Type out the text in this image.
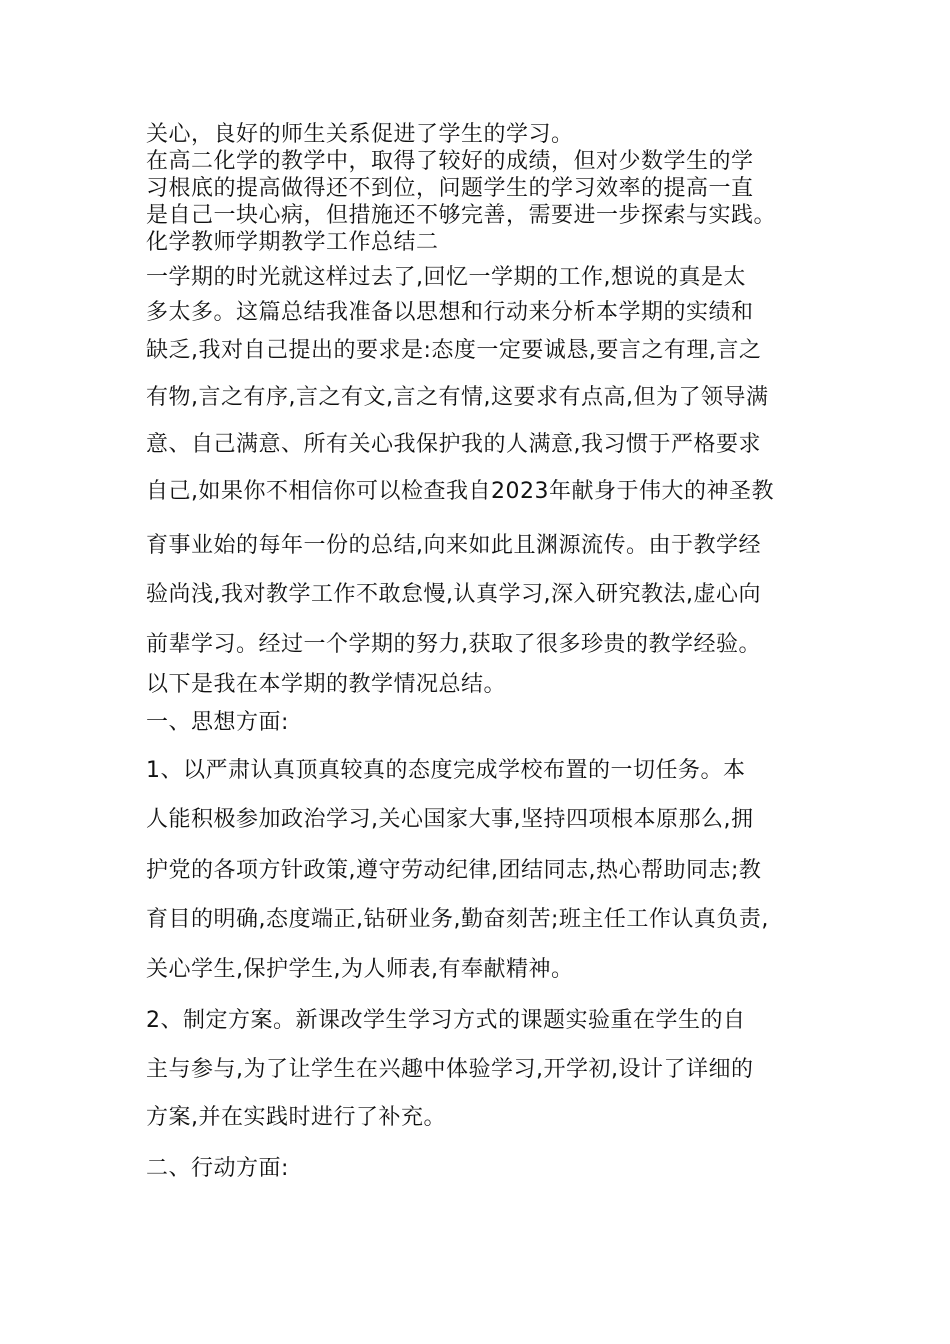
关心，良好的师生关系促进了学生的学习。
在高二化学的教学中，取得了较好的成绩，但对少数学生的学
习根底的提高做得还不到位，问题学生的学习效率的提高一直
是自己一块心病，但措施还不够完善，需要进一步探索与实践。
化学教师学期教学工作总结二
一学期的时光就这样过去了,回忆一学期的工作,想说的真是太
多太多。这篇总结我准备以思想和行动来分析本学期的实绩和
缺乏,我对自己提出的要求是:态度一定要诚恳,要言之有理,言之
有物,言之有序,言之有文,言之有情,这要求有点高,但为了领导满
意、自己满意、所有关心我保护我的人满意,我习惯于严格要求
自己,如果你不相信你可以检查我自2023年献身于伟大的神圣教
育事业始的每年一份的总结,向来如此且渊源流传。由于教学经
验尚浅,我对教学工作不敢怠慢,认真学习,深入研究教法,虚心向
前辈学习。经过一个学期的努力,获取了很多珍贵的教学经验。
以下是我在本学期的教学情况总结。
一、思想方面:
1、以严肃认真顶真较真的态度完成学校布置的一切任务。本
人能积极参加政治学习,关心国家大事,坚持四项根本原那么,拥
护党的各项方针政策,遵守劳动纪律,团结同志,热心帮助同志;教
育目的明确,态度端正,钻研业务,勤奋刻苦;班主任工作认真负责,
关心学生,保护学生,为人师表,有奉献精神。
2、制定方案。新课改学生学习方式的课题实验重在学生的自
主与参与,为了让学生在兴趣中体验学习,开学初,设计了详细的
方案,并在实践时进行了补充。
二、行动方面:
